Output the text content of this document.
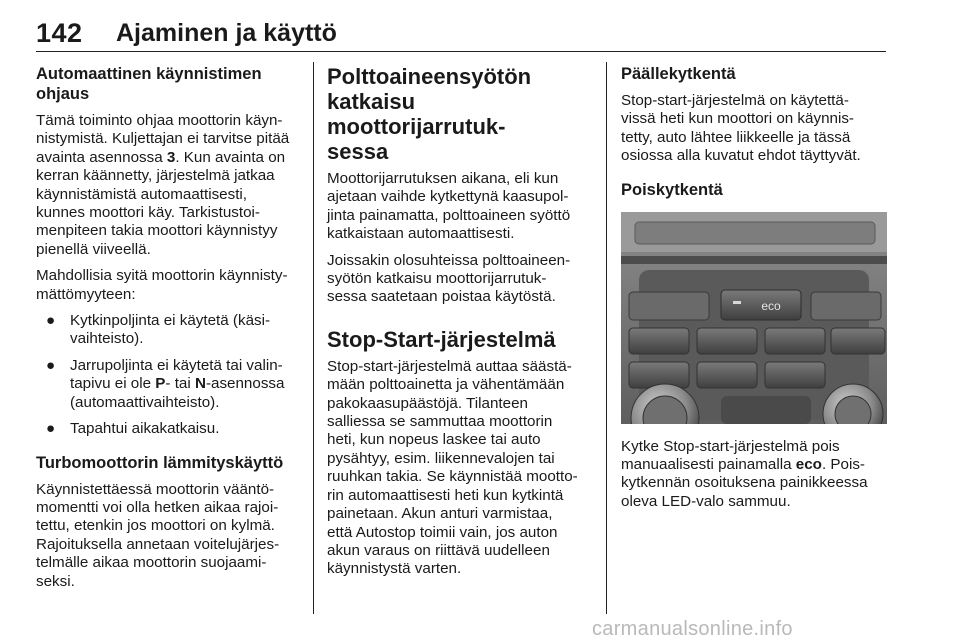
142 Ajaminen ja käyttö
Automaattinen käynnistimen
ohjaus
Tämä toiminto ohjaa moottorin käyn-
nistymistä. Kuljettajan ei tarvitse pitää
avainta asennossa 3. Kun avainta on
kerran käännetty, järjestelmä jatkaa
käynnistämistä automaattisesti,
kunnes moottori käy. Tarkistustoi-
menpiteen takia moottori käynnistyy
pienellä viiveellä.
Mahdollisia syitä moottorin käynnisty-
mättömyyteen:
● Kytkinpoljinta ei käytetä (käsi-
vaihteisto).
● Jarrupoljinta ei käytetä tai valin-
tapivu ei ole P- tai N-asennossa
(automaattivaihteisto).
● Tapahtui aikakatkaisu.
Turbomoottorin lämmityskäyttö
Käynnistettäessä moottorin vääntö-
momentti voi olla hetken aikaa rajoi-
tettu, etenkin jos moottori on kylmä.
Rajoituksella annetaan voitelujärjes-
telmälle aikaa moottorin suojaami-
seksi.
Polttoaineensyötön
katkaisu moottorijarrutuk-
sessa
Moottorijarrutuksen aikana, eli kun
ajetaan vaihde kytkettynä kaasupol-
jinta painamatta, polttoaineen syöttö
katkaistaan automaattisesti.
Joissakin olosuhteissa polttoaineen-
syötön katkaisu moottorijarrutuk-
sessa saatetaan poistaa käytöstä.
Stop-Start-järjestelmä
Stop-start-järjestelmä auttaa säästä-
mään polttoainetta ja vähentämään
pakokaasupäästöjä. Tilanteen
salliessa se sammuttaa moottorin
heti, kun nopeus laskee tai auto
pysähtyy, esim. liikennevalojen tai
ruuhkan takia. Se käynnistää mootto-
rin automaattisesti heti kun kytkintä
painetaan. Akun anturi varmistaa,
että Autostop toimii vain, jos auton
akun varaus on riittävä uudelleen
käynnistystä varten.
Päällekytkentä
Stop-start-järjestelmä on käytettä-
vissä heti kun moottori on käynnis-
tetty, auto lähtee liikkeelle ja tässä
osiossa alla kuvatut ehdot täyttyvät.
Poiskytkentä
eco
Kytke Stop-start-järjestelmä pois
manuaalisesti painamalla eco. Pois-
kytkennän osoituksena painikkeessa
oleva LED-valo sammuu.
carmanualsonline.info
